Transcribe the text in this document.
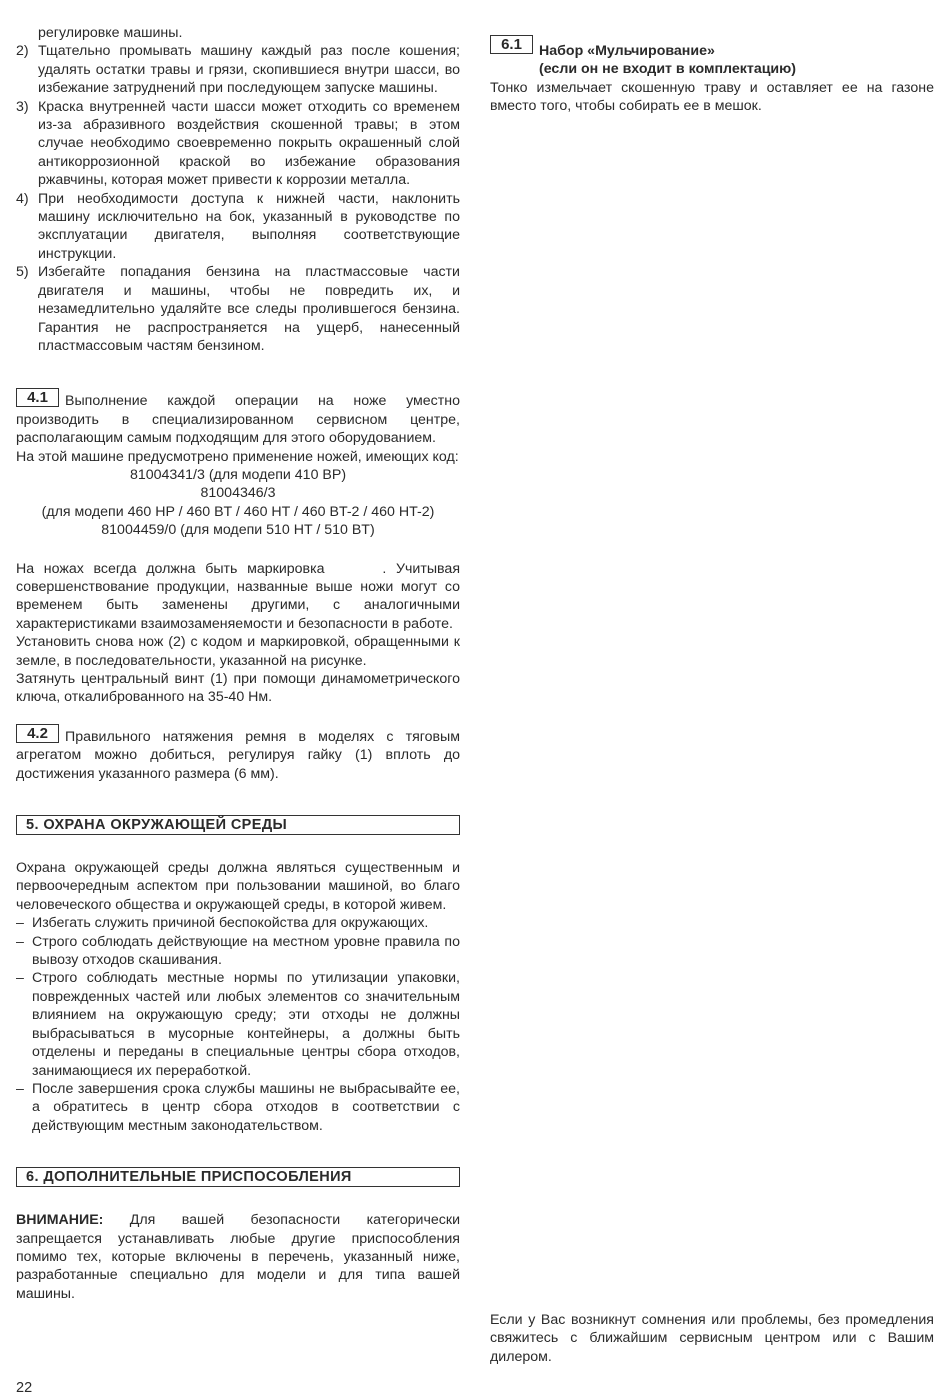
регулировке машины.

2) Тщательно промывать машину каждый раз после кошения; удалять остатки травы и грязи, скопившиеся внутри шасси, во избежание затруднений при последующем запуске машины.
3) Краска внутренней части шасси может отходить со временем из-за абразивного воздействия скошенной травы; в этом случае необходимо своевременно покрыть окрашенный слой антикоррозионной краской во избежание образования ржавчины, которая может привести к коррозии металла.
4) При необходимости доступа к нижней части, наклонить машину исключительно на бок, указанный в руководстве по эксплуатации двигателя, выполняя соответствующие инструкции.
5) Избегайте попадания бензина на пластмассовые части двигателя и машины, чтобы не повредить их, и незамедлительно удаляйте все следы пролившегося бензина. Гарантия не распространяется на ущерб, нанесенный пластмассовым частям бензином.

4.1 Выполнение каждой операции на ноже уместно производить в специализированном сервисном центре, располагающим самым подходящим для этого оборудованием.

На этой машине предусмотрено применение ножей, имеющих код:

81004341/3 (для модепи 410 BP)
81004346/3
(для модепи 460 HP / 460 BT / 460 HT / 460 BT-2 / 460 HT-2)
81004459/0 (для модепи 510 HT / 510 BT)

На ножах всегда должна быть маркировка      . Учитывая совершенствование продукции, названные выше ножи могут со временем быть заменены другими, с аналогичными характеристиками взаимозаменяемости и безопасности в работе.

Установить снова нож (2) с кодом и маркировкой, обращенными к земле, в последовательности, указанной на рисунке.

Затянуть центральный винт (1) при помощи динамометрического ключа, откалиброванного на 35-40 Нм.

4.2 Правильного натяжения ремня в моделях с тяговым агрегатом можно добиться, регулируя гайку (1) вплоть до достижения указанного размера (6 мм).

5. ОХРАНА ОКРУЖАЮЩЕЙ СРЕДЫ

Охрана окружающей среды должна являться существенным и первоочередным аспектом при пользовании машиной, во благо человеческого общества и окружающей среды, в которой живем.

– Избегать служить причиной беспокойства для окружающих.
– Строго соблюдать действующие на местном уровне правила по вывозу отходов скашивания.
– Строго соблюдать местные нормы по утилизации упаковки, поврежденных частей или любых элементов со значительным влиянием на окружающую среду; эти отходы не должны выбрасываться в мусорные контейнеры, а должны быть отделены и переданы в специальные центры сбора отходов, занимающиеся их переработкой.
– После завершения срока службы машины не выбрасывайте ее, а обратитесь в центр сбора отходов в соответствии с действующим местным законодательством.
6. ДОПОЛНИТЕЛЬНЫЕ ПРИСПОСОБЛЕНИЯ

ВНИМАНИЕ: Для вашей безопасности категорически запрещается устанавливать любые другие приспособления помимо тех, которые включены в перечень, указанный ниже, разработанные специально для модели и для типа вашей машины.

6.1	Набор «Мульчирование»
(если он не входит в комплектацию)

Тонко измельчает скошенную траву и оставляет ее на газоне вместо того, чтобы собирать ее в мешок.

Если у Вас возникнут сомнения или проблемы, без промедления свяжитесь с ближайшим сервисным центром или с Вашим дилером.

22
